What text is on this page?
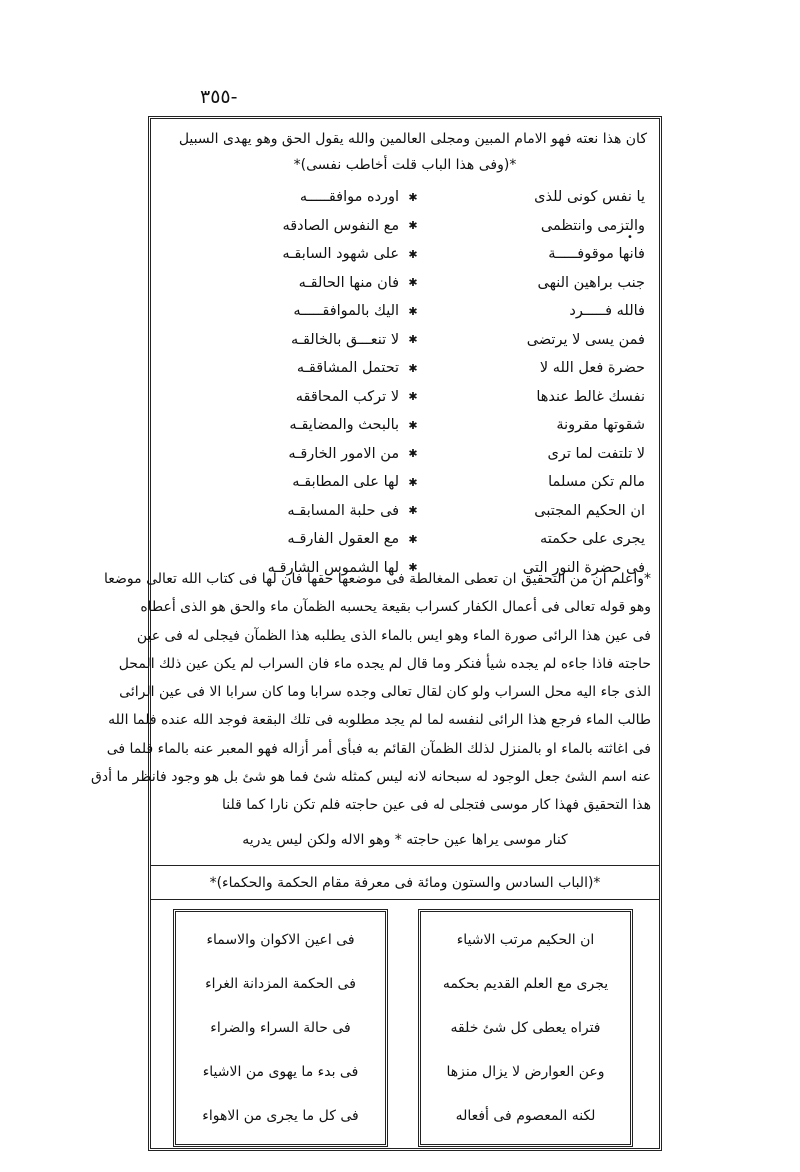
-٣٥٥
•
كان هذا نعته فهو الامام المبين ومجلى العالمين والله يقول الحق وهو يهدى السبيل
*(وفى هذا الباب قلت أخاطب نفسى)*
يا نفس كونى للذى
✱
اورده موافقـــــه
والتزمى وانتظمى
✱
مع النفوس الصادقه
فانها موقوفـــــة
✱
على شهود السابقـه
جنب براهين النهى
✱
فان منها الحالقـه
فالله فـــــرد
✱
اليك بالموافقـــــه
فمن يسى لا يرتضى
✱
لا تنعـــق بالخالقـه
حضرة فعل الله لا
✱
تحتمل المشاققـه
نفسك غالط عندها
✱
لا تركب المحاققه
شقوتها مقرونة
✱
بالبحث والمضايقـه
لا تلتفت لما ترى
✱
من الامور الخارقـه
مالم تكن مسلما
✱
لها على المطابقـه
ان الحكيم المجتبى
✱
فى حلبة المسابقـه
يجرى على حكمته
✱
مع العقول الفارقـه
فى حضرة النور التى
✱
لها الشموس الشارقـه
*واعلم ان من التحقيق ان تعطى المغالطة فى موضعها حقها فان لها فى كتاب الله تعالى موضعا
وهو قوله تعالى فى أعمال الكفار كسراب بقيعة يحسبه الظمآن ماء والحق هو الذى أعطاه
فى عين هذا الرائى صورة الماء وهو ايس بالماء الذى يطلبه هذا الظمآن فيجلى له فى عين
حاجته فاذا جاءه لم يجده شيأ فنكر وما قال لم يجده ماء فان السراب لم يكن عين ذلك المحل
الذى جاء اليه محل السراب ولو كان لقال تعالى وجده سرابا وما كان سرابا الا فى عين الرائى
طالب الماء فرجع هذا الرائى لنفسه لما لم يجد مطلوبه فى تلك البقعة فوجد الله عنده فلما الله
فى اغاثته بالماء او بالمنزل لذلك الظمآن القائم به فبأى أمر أزاله فهو المعبر عنه بالماء فلما فى
عنه اسم الشئ جعل الوجود له سبحانه لانه ليس كمثله شئ فما هو شئ بل هو وجود فانظر ما أدق
هذا التحقيق فهذا كار موسى فتجلى له فى عين حاجته فلم تكن نارا كما قلنا
كنار موسى يراها عين حاجته * وهو الاله ولكن ليس يدريه
*(الباب السادس والستون ومائة فى معرفة مقام الحكمة والحكماء)*
ان الحكيم مرتب الاشياء
يجرى مع العلم القديم بحكمه
فتراه يعطى كل شئ خلقه
وعن العوارض لا يزال منزها
لكنه المعصوم فى أفعاله
فى اعين الاكوان والاسماء
فى الحكمة المزدانة الغراء
فى حالة السراء والضراء
فى بدء ما يهوى من الاشياء
فى كل ما يجرى من الاهواء
